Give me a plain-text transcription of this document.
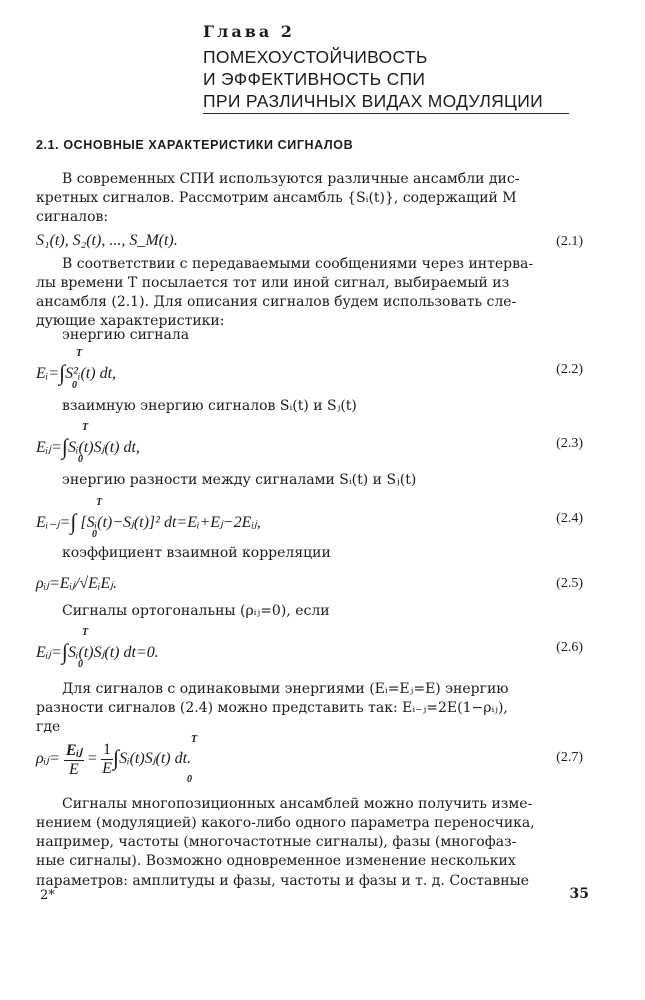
Глава 2
ПОМЕХОУСТОЙЧИВОСТЬ
И ЭФФЕКТИВНОСТЬ СПИ
ПРИ РАЗЛИЧНЫХ ВИДАХ МОДУЛЯЦИИ
2.1. ОСНОВНЫЕ ХАРАКТЕРИСТИКИ СИГНАЛОВ
В современных СПИ используются различные ансамбли дис-
кретных сигналов. Рассмотрим ансамбль {Sᵢ(t)}, содержащий M
сигналов:
S₁(t), S₂(t), ..., S_M(t).	(2.1)
В соответствии с передаваемыми сообщениями через интерва-
лы времени T посылается тот или иной сигнал, выбираемый из
ансамбля (2.1). Для описания сигналов будем использовать сле-
дующие характеристики:
энергию сигнала
Eᵢ=∫S²ᵢ(t) dt,
T
0
(2.2)
взаимную энергию сигналов Sᵢ(t) и Sⱼ(t)
Eᵢⱼ=∫Sᵢ(t)Sⱼ(t) dt,
T
0
(2.3)
энергию разности между сигналами Sᵢ(t) и Sⱼ(t)
Eᵢ₋ⱼ=∫ [Sᵢ(t)−Sⱼ(t)]² dt=Eᵢ+Eⱼ−2Eᵢⱼ,
T
0
(2.4)
коэффициент взаимной корреляции
ρᵢⱼ=Eᵢⱼ/√EᵢEⱼ.	(2.5)
Сигналы ортогональны (ρᵢⱼ=0), если
Eᵢⱼ=∫Sᵢ(t)Sⱼ(t) dt=0.
T
0
(2.6)
Для сигналов с одинаковыми энергиями (Eᵢ=Eⱼ=E) энергию
разности сигналов (2.4) можно представить так: Eᵢ₋ⱼ=2E(1−ρᵢⱼ),
где
ρᵢⱼ= $\frac{\text{Eᵢⱼ}}{E} = \frac{1}{E}$ ∫Sᵢ(t)Sⱼ(t) dt.
T
0
(2.7)
Сигналы многопозиционных ансамблей можно получить изме-
нением (модуляцией) какого-либо одного параметра переносчика,
например, частоты (многочастотные сигналы), фазы (многофаз-
ные сигналы). Возможно одновременное изменение нескольких
параметров: амплитуды и фазы, частоты и фазы и т. д. Составные
2*	35
